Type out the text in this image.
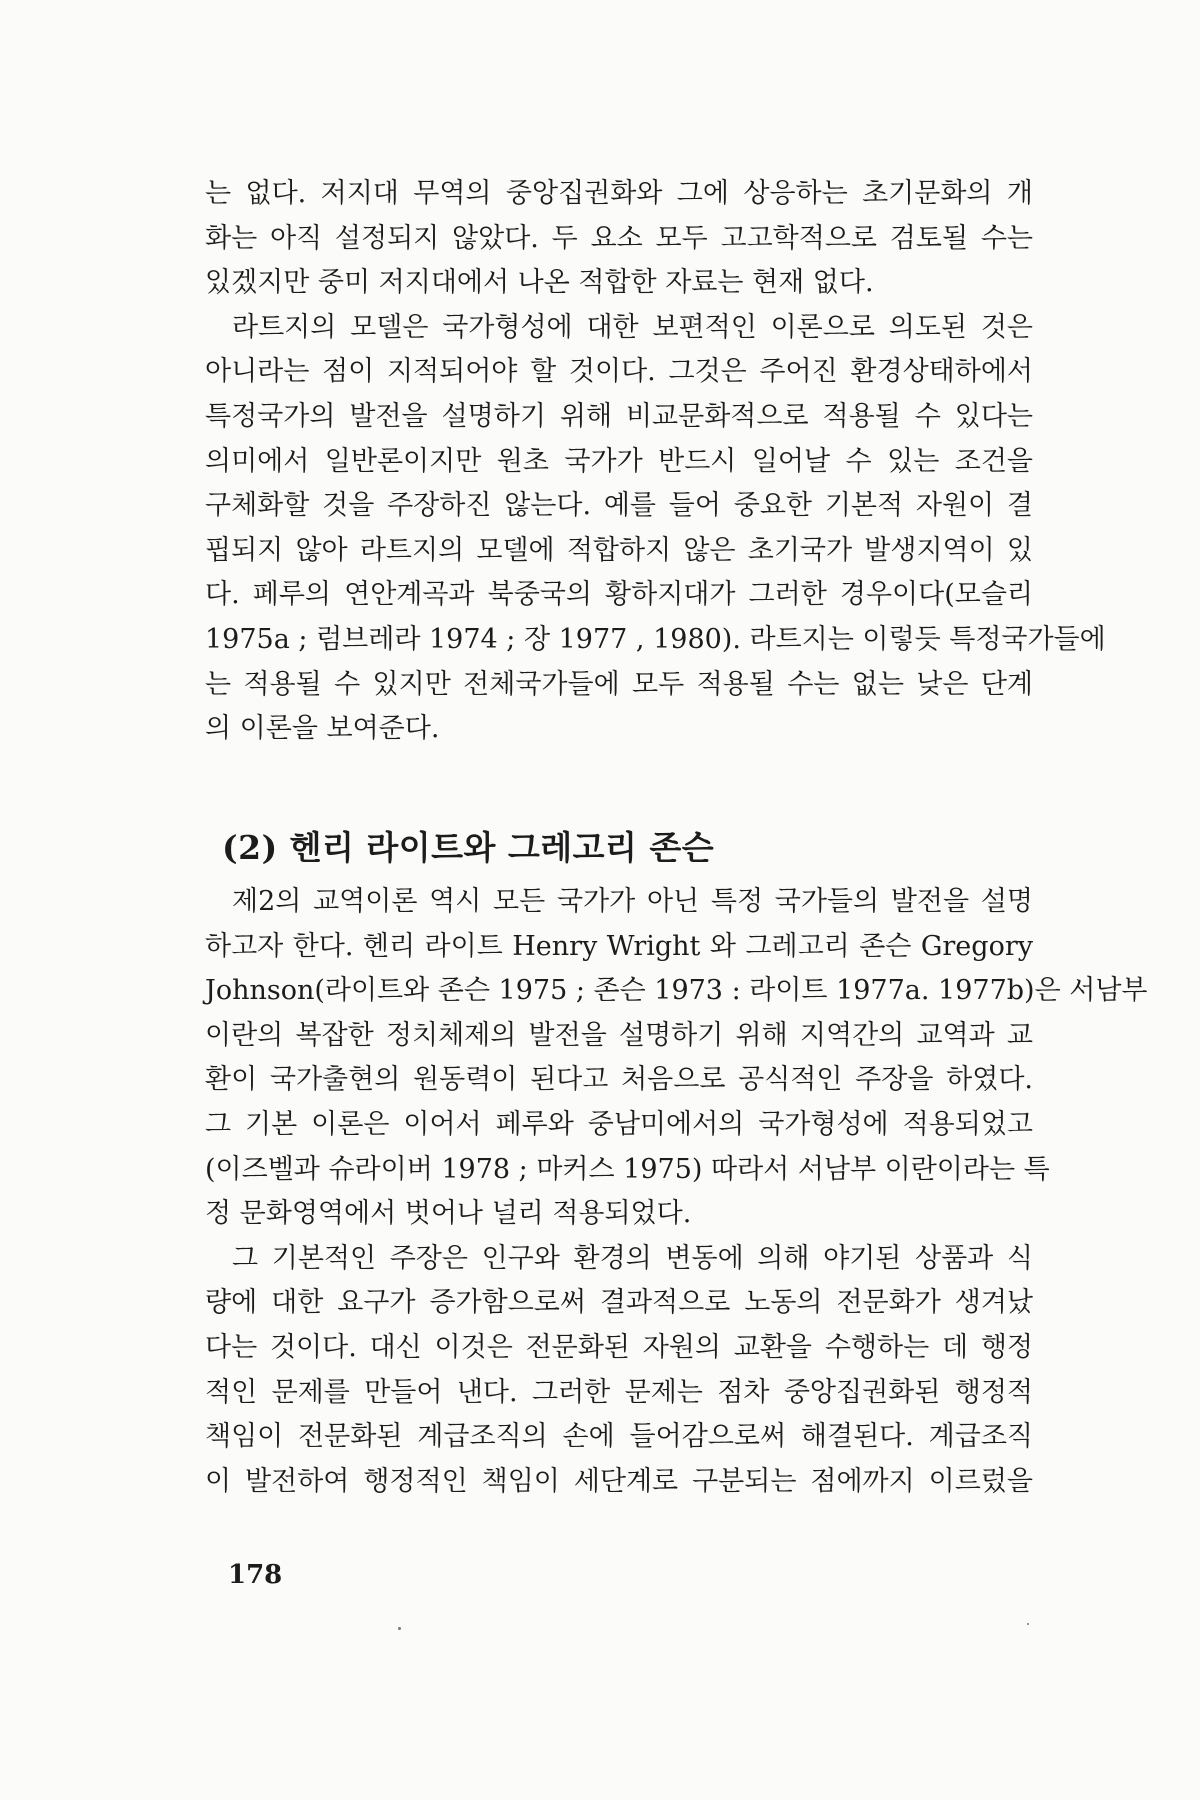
는 없다. 저지대 무역의 중앙집권화와 그에 상응하는 초기문화의 개
화는 아직 설정되지 않았다. 두 요소 모두 고고학적으로 검토될 수는
있겠지만 중미 저지대에서 나온 적합한 자료는 현재 없다.
라트지의 모델은 국가형성에 대한 보편적인 이론으로 의도된 것은
아니라는 점이 지적되어야 할 것이다. 그것은 주어진 환경상태하에서
특정국가의 발전을 설명하기 위해 비교문화적으로 적용될 수 있다는
의미에서 일반론이지만 원초 국가가 반드시 일어날 수 있는 조건을
구체화할 것을 주장하진 않는다. 예를 들어 중요한 기본적 자원이 결
핍되지 않아 라트지의 모델에 적합하지 않은 초기국가 발생지역이 있
다. 페루의 연안계곡과 북중국의 황하지대가 그러한 경우이다(모슬리
1975a ; 럼브레라 1974 ; 장 1977 , 1980). 라트지는 이렇듯 특정국가들에
는 적용될 수 있지만 전체국가들에 모두 적용될 수는 없는 낮은 단계
의 이론을 보여준다.
(2) 헨리 라이트와 그레고리 존슨
제2의 교역이론 역시 모든 국가가 아닌 특정 국가들의 발전을 설명
하고자 한다. 헨리 라이트 Henry Wright 와 그레고리 존슨 Gregory
Johnson(라이트와 존슨 1975 ; 존슨 1973 : 라이트 1977a. 1977b)은 서남부
이란의 복잡한 정치체제의 발전을 설명하기 위해 지역간의 교역과 교
환이 국가출현의 원동력이 된다고 처음으로 공식적인 주장을 하였다.
그 기본 이론은 이어서 페루와 중남미에서의 국가형성에 적용되었고
(이즈벨과 슈라이버 1978 ; 마커스 1975) 따라서 서남부 이란이라는 특
정 문화영역에서 벗어나 널리 적용되었다.
그 기본적인 주장은 인구와 환경의 변동에 의해 야기된 상품과 식
량에 대한 요구가 증가함으로써 결과적으로 노동의 전문화가 생겨났
다는 것이다. 대신 이것은 전문화된 자원의 교환을 수행하는 데 행정
적인 문제를 만들어 낸다. 그러한 문제는 점차 중앙집권화된 행정적
책임이 전문화된 계급조직의 손에 들어감으로써 해결된다. 계급조직
이 발전하여 행정적인 책임이 세단계로 구분되는 점에까지 이르렀을
178
